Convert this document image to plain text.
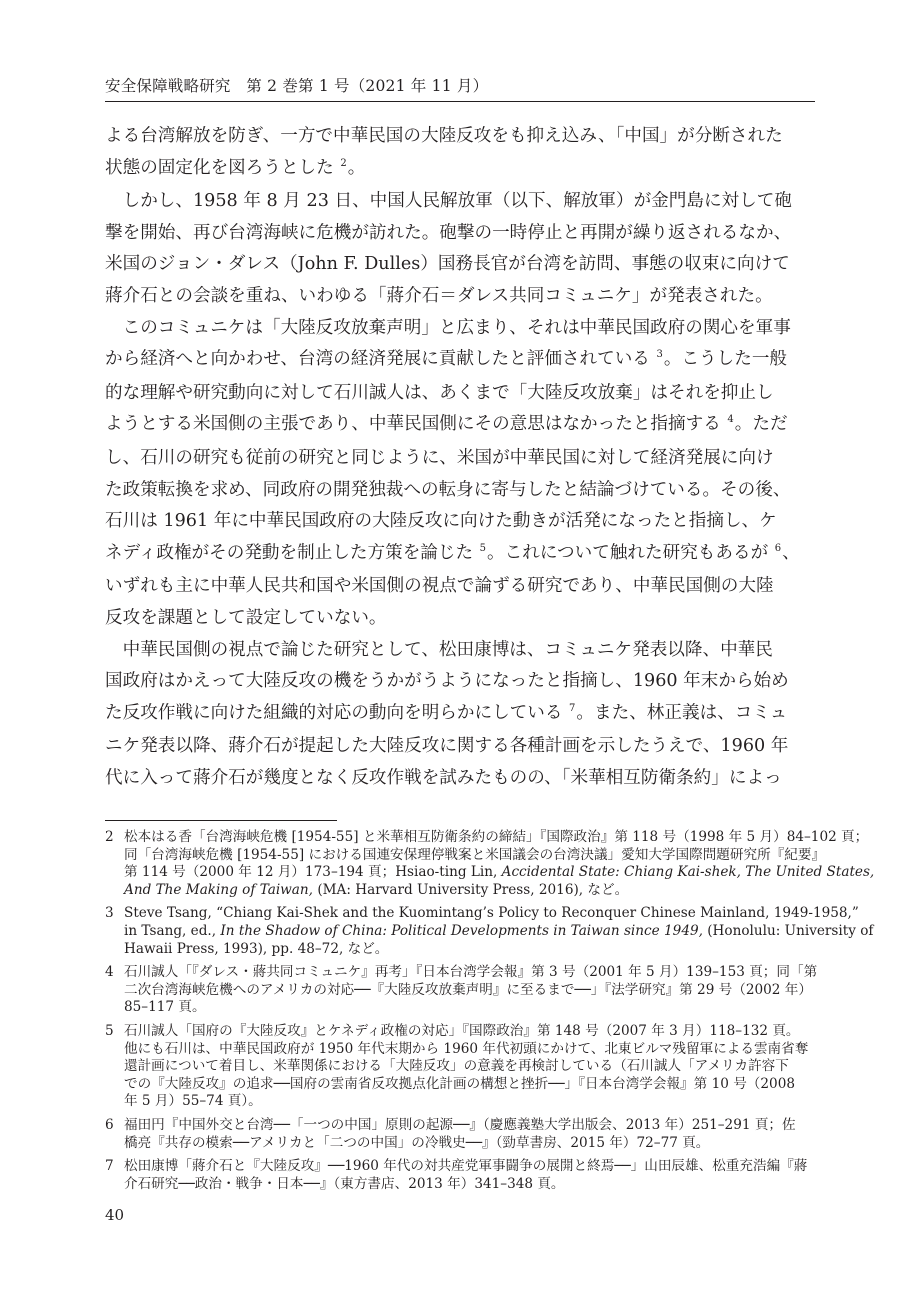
安全保障戦略研究　第 2 巻第 1 号（2021 年 11 月）
よる台湾解放を防ぎ、一方で中華民国の大陸反攻をも抑え込み、「中国」が分断された
状態の固定化を図ろうとした $^2$。
しかし、1958 年 8 月 23 日、中国人民解放軍（以下、解放軍）が金門島に対して砲
撃を開始、再び台湾海峡に危機が訪れた。砲撃の一時停止と再開が繰り返されるなか、
米国のジョン・ダレス（John F. Dulles）国務長官が台湾を訪問、事態の収束に向けて
蔣介石との会談を重ね、いわゆる「蔣介石＝ダレス共同コミュニケ」が発表された。
このコミュニケは「大陸反攻放棄声明」と広まり、それは中華民国政府の関心を軍事
から経済へと向かわせ、台湾の経済発展に貢献したと評価されている $^3$。こうした一般
的な理解や研究動向に対して石川誠人は、あくまで「大陸反攻放棄」はそれを抑止し
ようとする米国側の主張であり、中華民国側にその意思はなかったと指摘する $^4$。ただ
し、石川の研究も従前の研究と同じように、米国が中華民国に対して経済発展に向け
た政策転換を求め、同政府の開発独裁への転身に寄与したと結論づけている。その後、
石川は 1961 年に中華民国政府の大陸反攻に向けた動きが活発になったと指摘し、ケ
ネディ政権がその発動を制止した方策を論じた $^5$。これについて触れた研究もあるが $^6$、
いずれも主に中華人民共和国や米国側の視点で論ずる研究であり、中華民国側の大陸
反攻を課題として設定していない。
中華民国側の視点で論じた研究として、松田康博は、コミュニケ発表以降、中華民
国政府はかえって大陸反攻の機をうかがうようになったと指摘し、1960 年末から始め
た反攻作戦に向けた組織的対応の動向を明らかにしている $^7$。また、林正義は、コミュ
ニケ発表以降、蔣介石が提起した大陸反攻に関する各種計画を示したうえで、1960 年
代に入って蔣介石が幾度となく反攻作戦を試みたものの、「米華相互防衛条約」によっ
2 松本はる香「台湾海峡危機 [1954-55] と米華相互防衛条約の締結」『国際政治』第 118 号（1998 年 5 月）84–102 頁；
同「台湾海峡危機 [1954-55] における国連安保理停戦案と米国議会の台湾決議」愛知大学国際問題研究所『紀要』
第 114 号（2000 年 12 月）173–194 頁；Hsiao-ting Lin, Accidental State: Chiang Kai-shek, The United States,
And The Making of Taiwan, (MA: Harvard University Press, 2016), など。
3 Steve Tsang, “Chiang Kai-Shek and the Kuomintang’s Policy to Reconquer Chinese Mainland, 1949-1958,”
in Tsang, ed., In the Shadow of China: Political Developments in Taiwan since 1949, (Honolulu: University of
Hawaii Press, 1993), pp. 48–72, など。
4 石川誠人「『ダレス・蔣共同コミュニケ』再考」『日本台湾学会報』第 3 号（2001 年 5 月）139–153 頁；同「第
二次台湾海峡危機へのアメリカの対応──『大陸反攻放棄声明』に至るまで──」『法学研究』第 29 号（2002 年）
85–117 頁。
5 石川誠人「国府の『大陸反攻』とケネディ政権の対応」『国際政治』第 148 号（2007 年 3 月）118–132 頁。
他にも石川は、中華民国政府が 1950 年代末期から 1960 年代初頭にかけて、北東ビルマ残留軍による雲南省奪
還計画について着目し、米華関係における「大陸反攻」の意義を再検討している（石川誠人「アメリカ許容下
での『大陸反攻』の追求──国府の雲南省反攻拠点化計画の構想と挫折──」『日本台湾学会報』第 10 号（2008
年 5 月）55–74 頁）。
6 福田円『中国外交と台湾──「一つの中国」原則の起源──』（慶應義塾大学出版会、2013 年）251–291 頁；佐
橋亮『共存の模索──アメリカと「二つの中国」の冷戦史──』（勁草書房、2015 年）72–77 頁。
7 松田康博「蔣介石と『大陸反攻』──1960 年代の対共産党軍事闘争の展開と終焉──」山田辰雄、松重充浩編『蔣
介石研究──政治・戦争・日本──』（東方書店、2013 年）341–348 頁。
40
